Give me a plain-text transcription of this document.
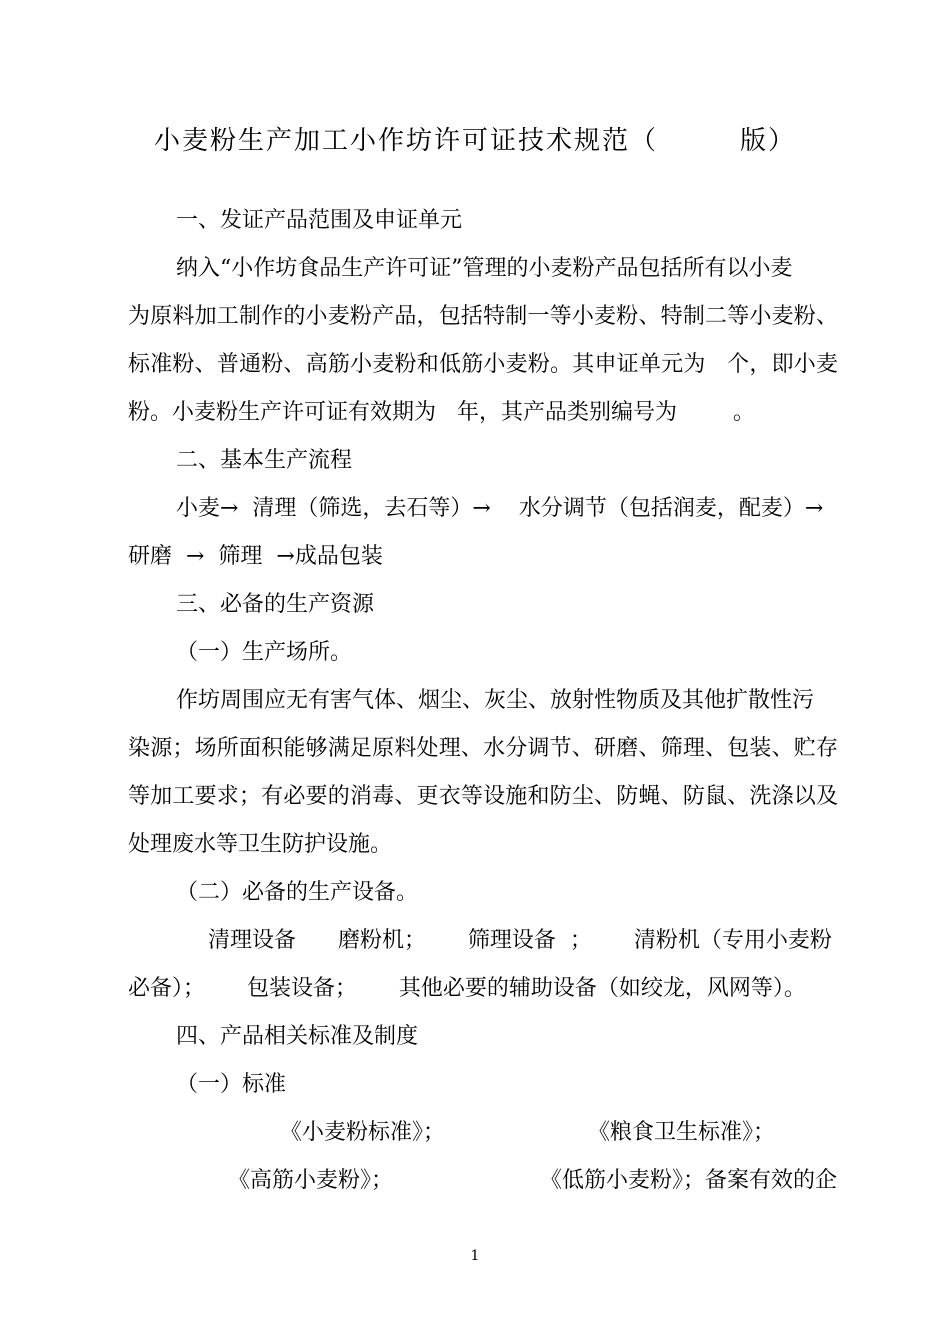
小麦粉生产加工小作坊许可证技术规范（        版）
一、发证产品范围及申证单元
纳入“小作坊食品生产许可证”管理的小麦粉产品包括所有以小麦
为原料加工制作的小麦粉产品，包括特制一等小麦粉、特制二等小麦粉、
标准粉、普通粉、高筋小麦粉和低筋小麦粉。其申证单元为   个，即小麦
粉。小麦粉生产许可证有效期为   年，其产品类别编号为        。
二、基本生产流程
小麦→  清理（筛选，去石等）→    水分调节（包括润麦，配麦）→
研磨  →  筛理  →成品包装
三、必备的生产资源
（一）生产场所。
作坊周围应无有害气体、烟尘、灰尘、放射性物质及其他扩散性污
染源；场所面积能够满足原料处理、水分调节、研磨、筛理、包装、贮存
等加工要求；有必要的消毒、更衣等设施和防尘、防蝇、防鼠、洗涤以及
处理废水等卫生防护设施。
（二）必备的生产设备。
清理设备      磨粉机；      筛理设备  ；      清粉机（专用小麦粉
必备）；      包装设备；      其他必要的辅助设备（如绞龙，风网等）。
四、产品相关标准及制度
（一）标准
《小麦粉标准》；	《粮食卫生标准》；
《高筋小麦粉》；	《低筋小麦粉》；备案有效的企
1
